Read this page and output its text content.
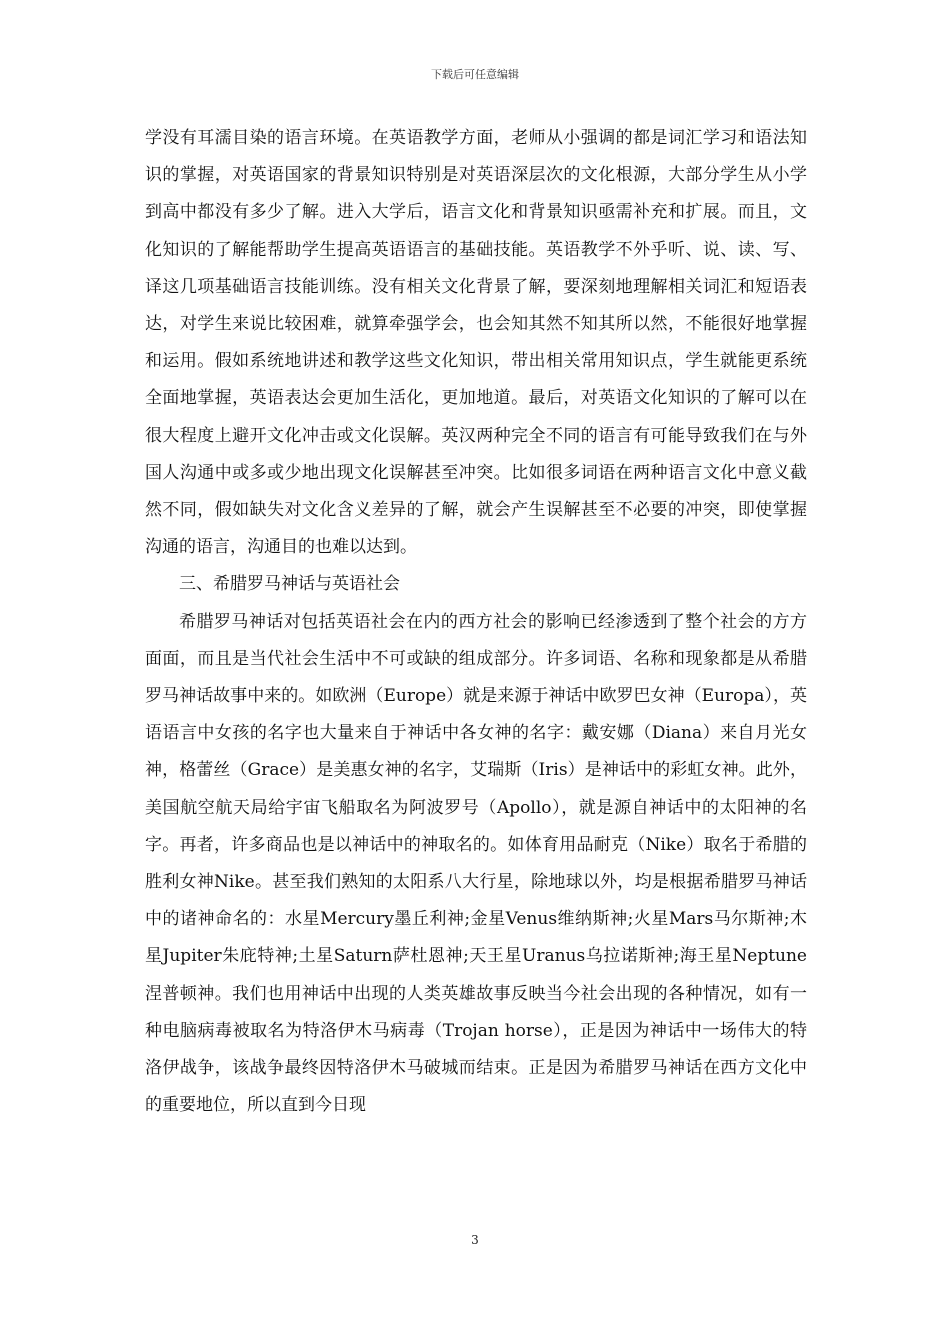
下载后可任意编辑

学没有耳濡目染的语言环境。在英语教学方面，老师从小强调的都是词汇学习和语法知识的掌握，对英语国家的背景知识特别是对英语深层次的文化根源，大部分学生从小学到高中都没有多少了解。进入大学后，语言文化和背景知识亟需补充和扩展。而且，文化知识的了解能帮助学生提高英语语言的基础技能。英语教学不外乎听、说、读、写、译这几项基础语言技能训练。没有相关文化背景了解，要深刻地理解相关词汇和短语表达，对学生来说比较困难，就算牵强学会，也会知其然不知其所以然，不能很好地掌握和运用。假如系统地讲述和教学这些文化知识，带出相关常用知识点，学生就能更系统全面地掌握，英语表达会更加生活化，更加地道。最后，对英语文化知识的了解可以在很大程度上避开文化冲击或文化误解。英汉两种完全不同的语言有可能导致我们在与外国人沟通中或多或少地出现文化误解甚至冲突。比如很多词语在两种语言文化中意义截然不同，假如缺失对文化含义差异的了解，就会产生误解甚至不必要的冲突，即使掌握沟通的语言，沟通目的也难以达到。

三、希腊罗马神话与英语社会

希腊罗马神话对包括英语社会在内的西方社会的影响已经渗透到了整个社会的方方面面，而且是当代社会生活中不可或缺的组成部分。许多词语、名称和现象都是从希腊罗马神话故事中来的。如欧洲（Europe）就是来源于神话中欧罗巴女神（Europa），英语语言中女孩的名字也大量来自于神话中各女神的名字：戴安娜（Diana）来自月光女神，格蕾丝（Grace）是美惠女神的名字，艾瑞斯（Iris）是神话中的彩虹女神。此外，美国航空航天局给宇宙飞船取名为阿波罗号（Apollo），就是源自神话中的太阳神的名字。再者，许多商品也是以神话中的神取名的。如体育用品耐克（Nike）取名于希腊的胜利女神Nike。甚至我们熟知的太阳系八大行星，除地球以外，均是根据希腊罗马神话中的诸神命名的：水星Mercury墨丘利神;金星Venus维纳斯神;火星Mars马尔斯神;木星Jupiter朱庇特神;土星Saturn萨杜恩神;天王星Uranus乌拉诺斯神;海王星Neptune涅普顿神。我们也用神话中出现的人类英雄故事反映当今社会出现的各种情况，如有一种电脑病毒被取名为特洛伊木马病毒（Trojan horse），正是因为神话中一场伟大的特洛伊战争，该战争最终因特洛伊木马破城而结束。正是因为希腊罗马神话在西方文化中的重要地位，所以直到今日现

3
